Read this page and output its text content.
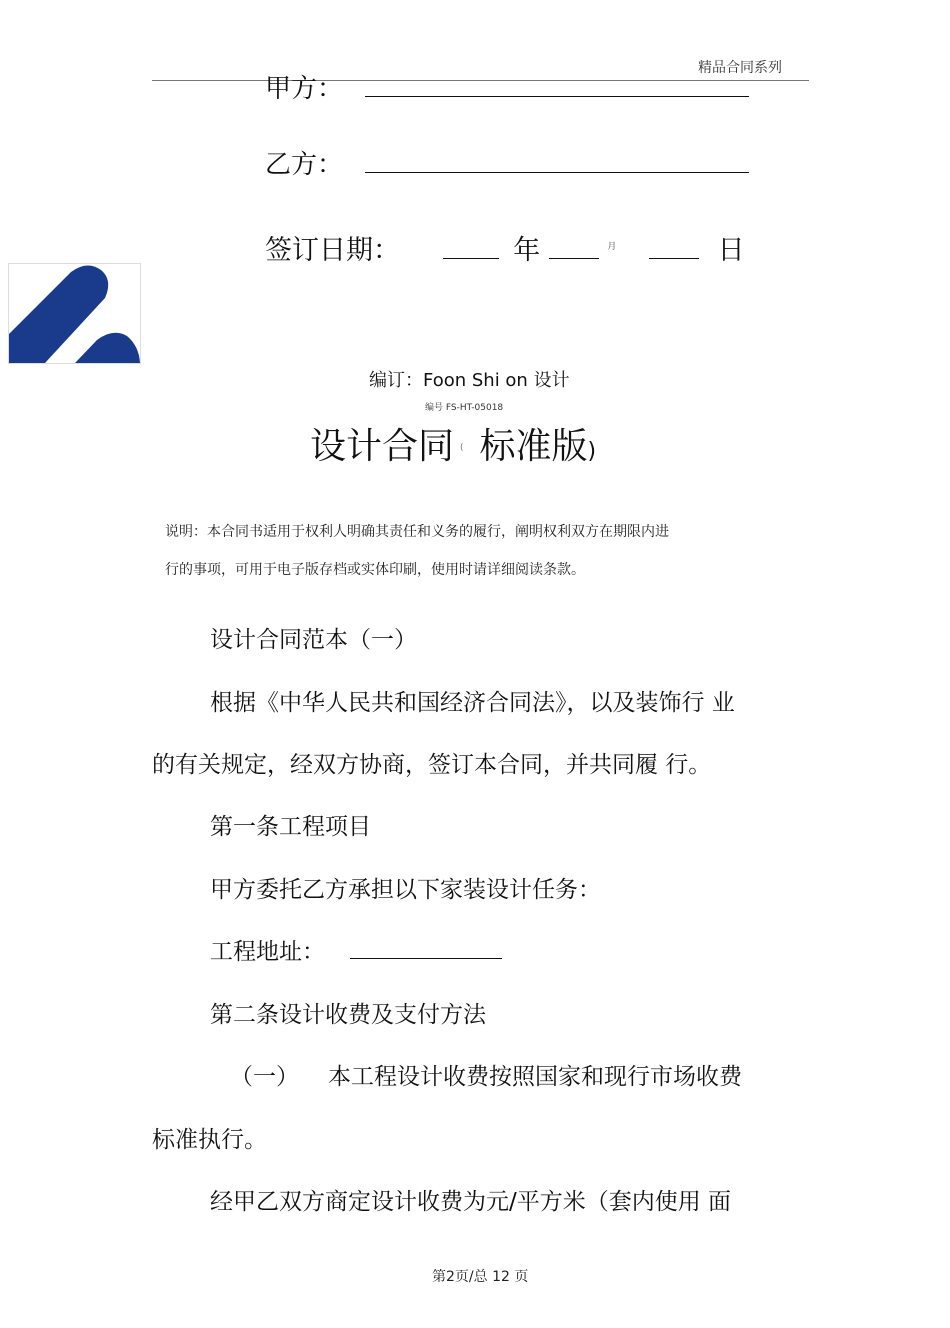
精品合同系列
甲方：
乙方：
签订日期：	年	$^月$	日
编订：Foon Shi on 设计
编号 FS-HT-05018
设计合同 ( 标准版)
说明：本合同书适用于权利人明确其责任和义务的履行，阐明权利双方在期限内进
行的事项，可用于电子版存档或实体印刷，使用时请详细阅读条款。
设计合同范本（一）
根据《中华人民共和国经济合同法》，以及装饰行 业
的有关规定，经双方协商，签订本合同，并共同履 行。
第一条工程项目
甲方委托乙方承担以下家装设计任务：
工程地址：
第二条设计收费及支付方法
（一） 本工程设计收费按照国家和现行市场收费
标准执行。
经甲乙双方商定设计收费为元/平方米（套内使用 面
第2页/总 12 页
